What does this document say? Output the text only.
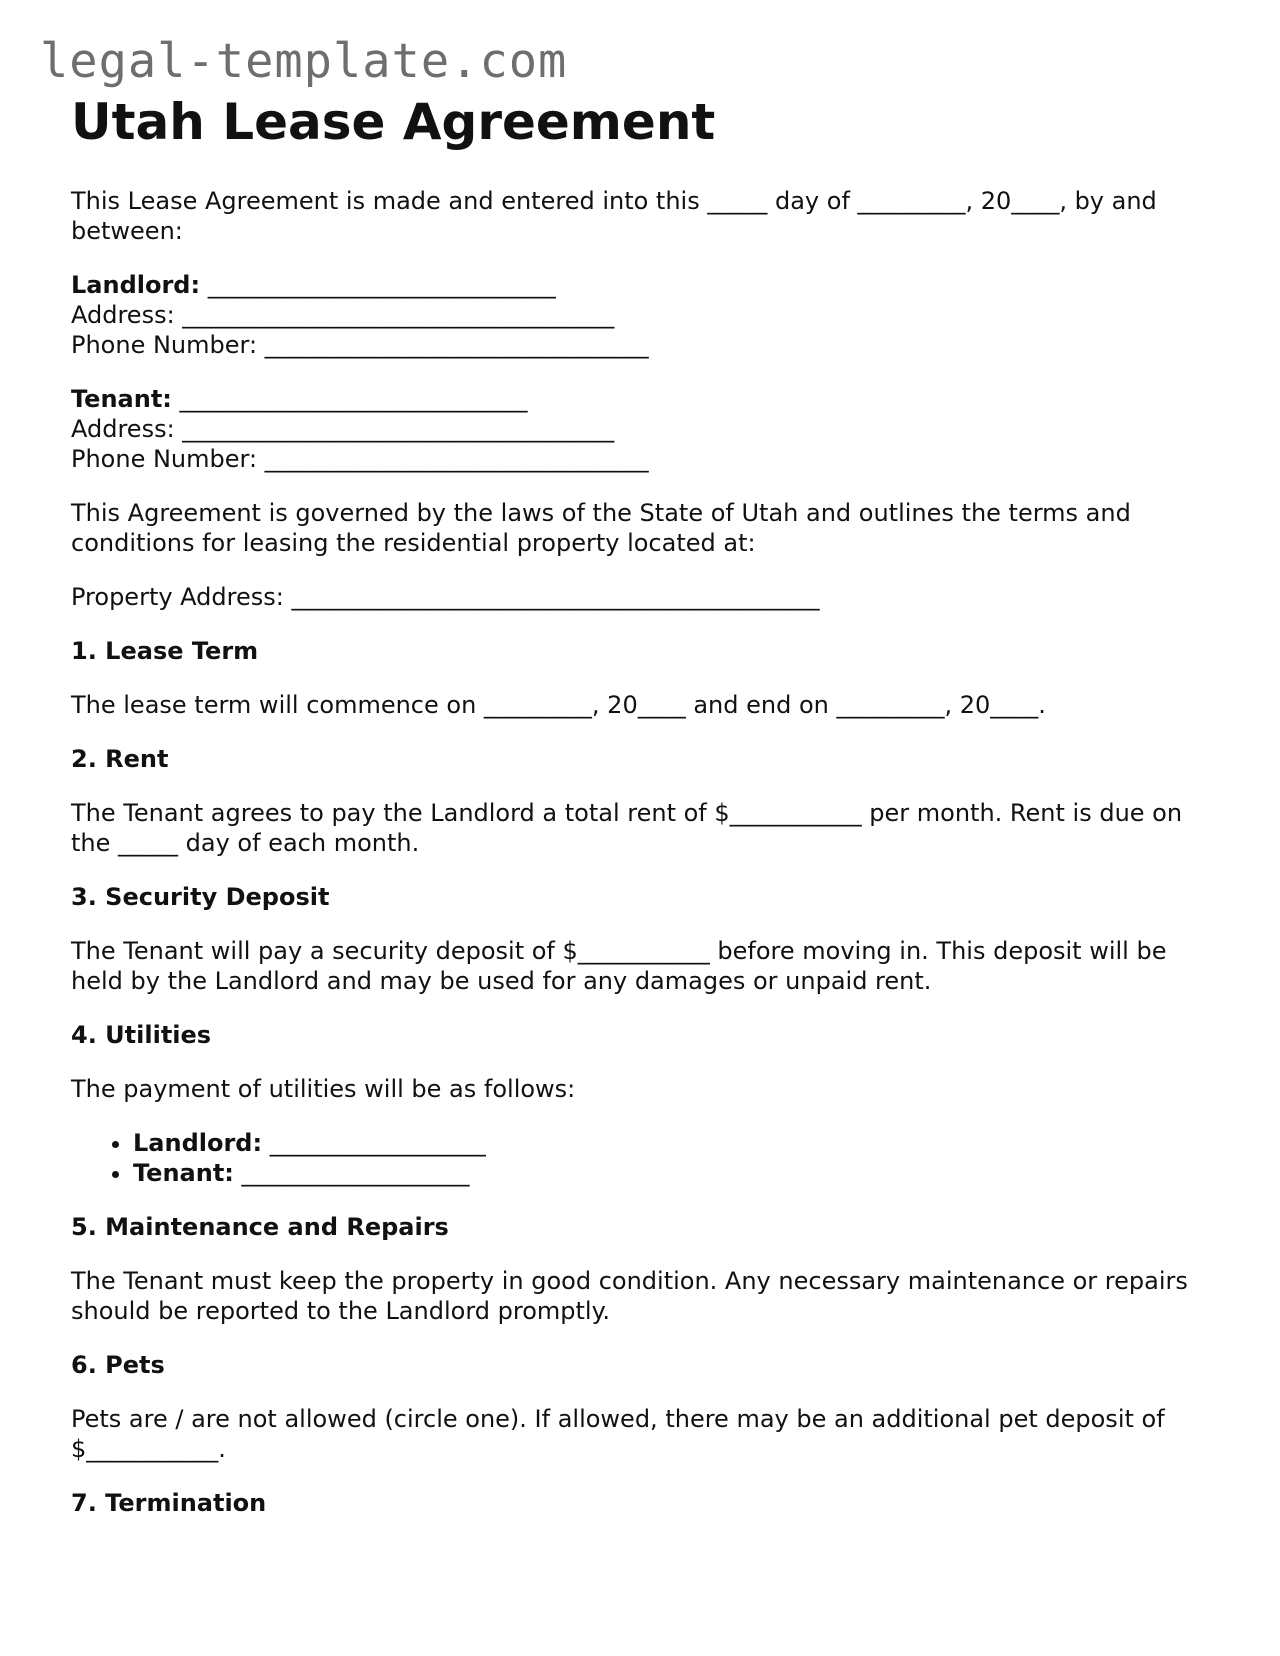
legal-template.com
Utah Lease Agreement

This Lease Agreement is made and entered into this _____ day of _________, 20____, by and between:

Landlord: _____________________________
Address: ____________________________________
Phone Number: ________________________________
Tenant: _____________________________
Address: ____________________________________
Phone Number: ________________________________

This Agreement is governed by the laws of the State of Utah and outlines the terms and conditions for leasing the residential property located at:

Property Address: ____________________________________________

1. Lease Term

The lease term will commence on _________, 20____ and end on _________, 20____.

2. Rent

The Tenant agrees to pay the Landlord a total rent of $___________ per month. Rent is due on the _____ day of each month.

3. Security Deposit

The Tenant will pay a security deposit of $___________ before moving in. This deposit will be held by the Landlord and may be used for any damages or unpaid rent.

4. Utilities

The payment of utilities will be as follows:

• Landlord: __________________
• Tenant: ___________________
5. Maintenance and Repairs

The Tenant must keep the property in good condition. Any necessary maintenance or repairs should be reported to the Landlord promptly.

6. Pets

Pets are / are not allowed (circle one). If allowed, there may be an additional pet deposit of $___________.

7. Termination
